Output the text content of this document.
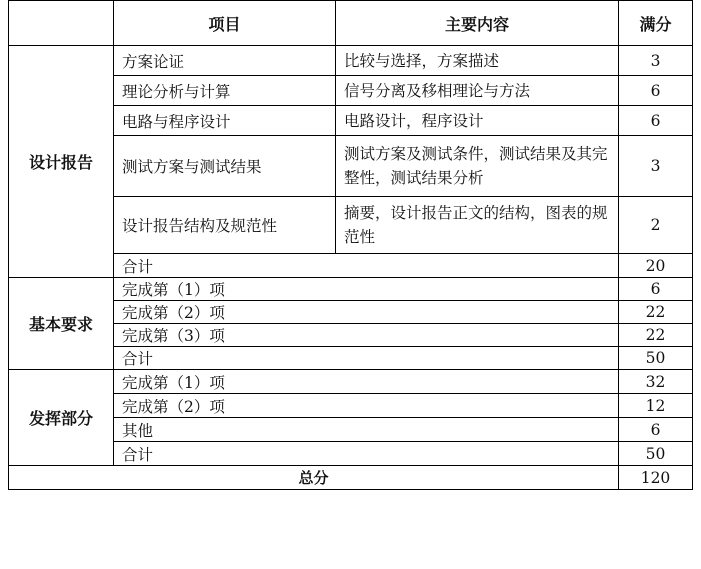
	项目	主要内容	满分
设计报告	方案论证	比较与选择，方案描述	3
	理论分析与计算	信号分离及移相理论与方法	6
	电路与程序设计	电路设计，程序设计	6
	测试方案与测试结果	测试方案及测试条件，测试结果及其完整性，测试结果分析	3
	设计报告结构及规范性	摘要，设计报告正文的结构，图表的规范性	2
	合计		20
基本要求	完成第（1）项		6
	完成第（2）项		22
	完成第（3）项		22
	合计		50
发挥部分	完成第（1）项		32
	完成第（2）项		12
	其他		6
	合计		50
总分			120
